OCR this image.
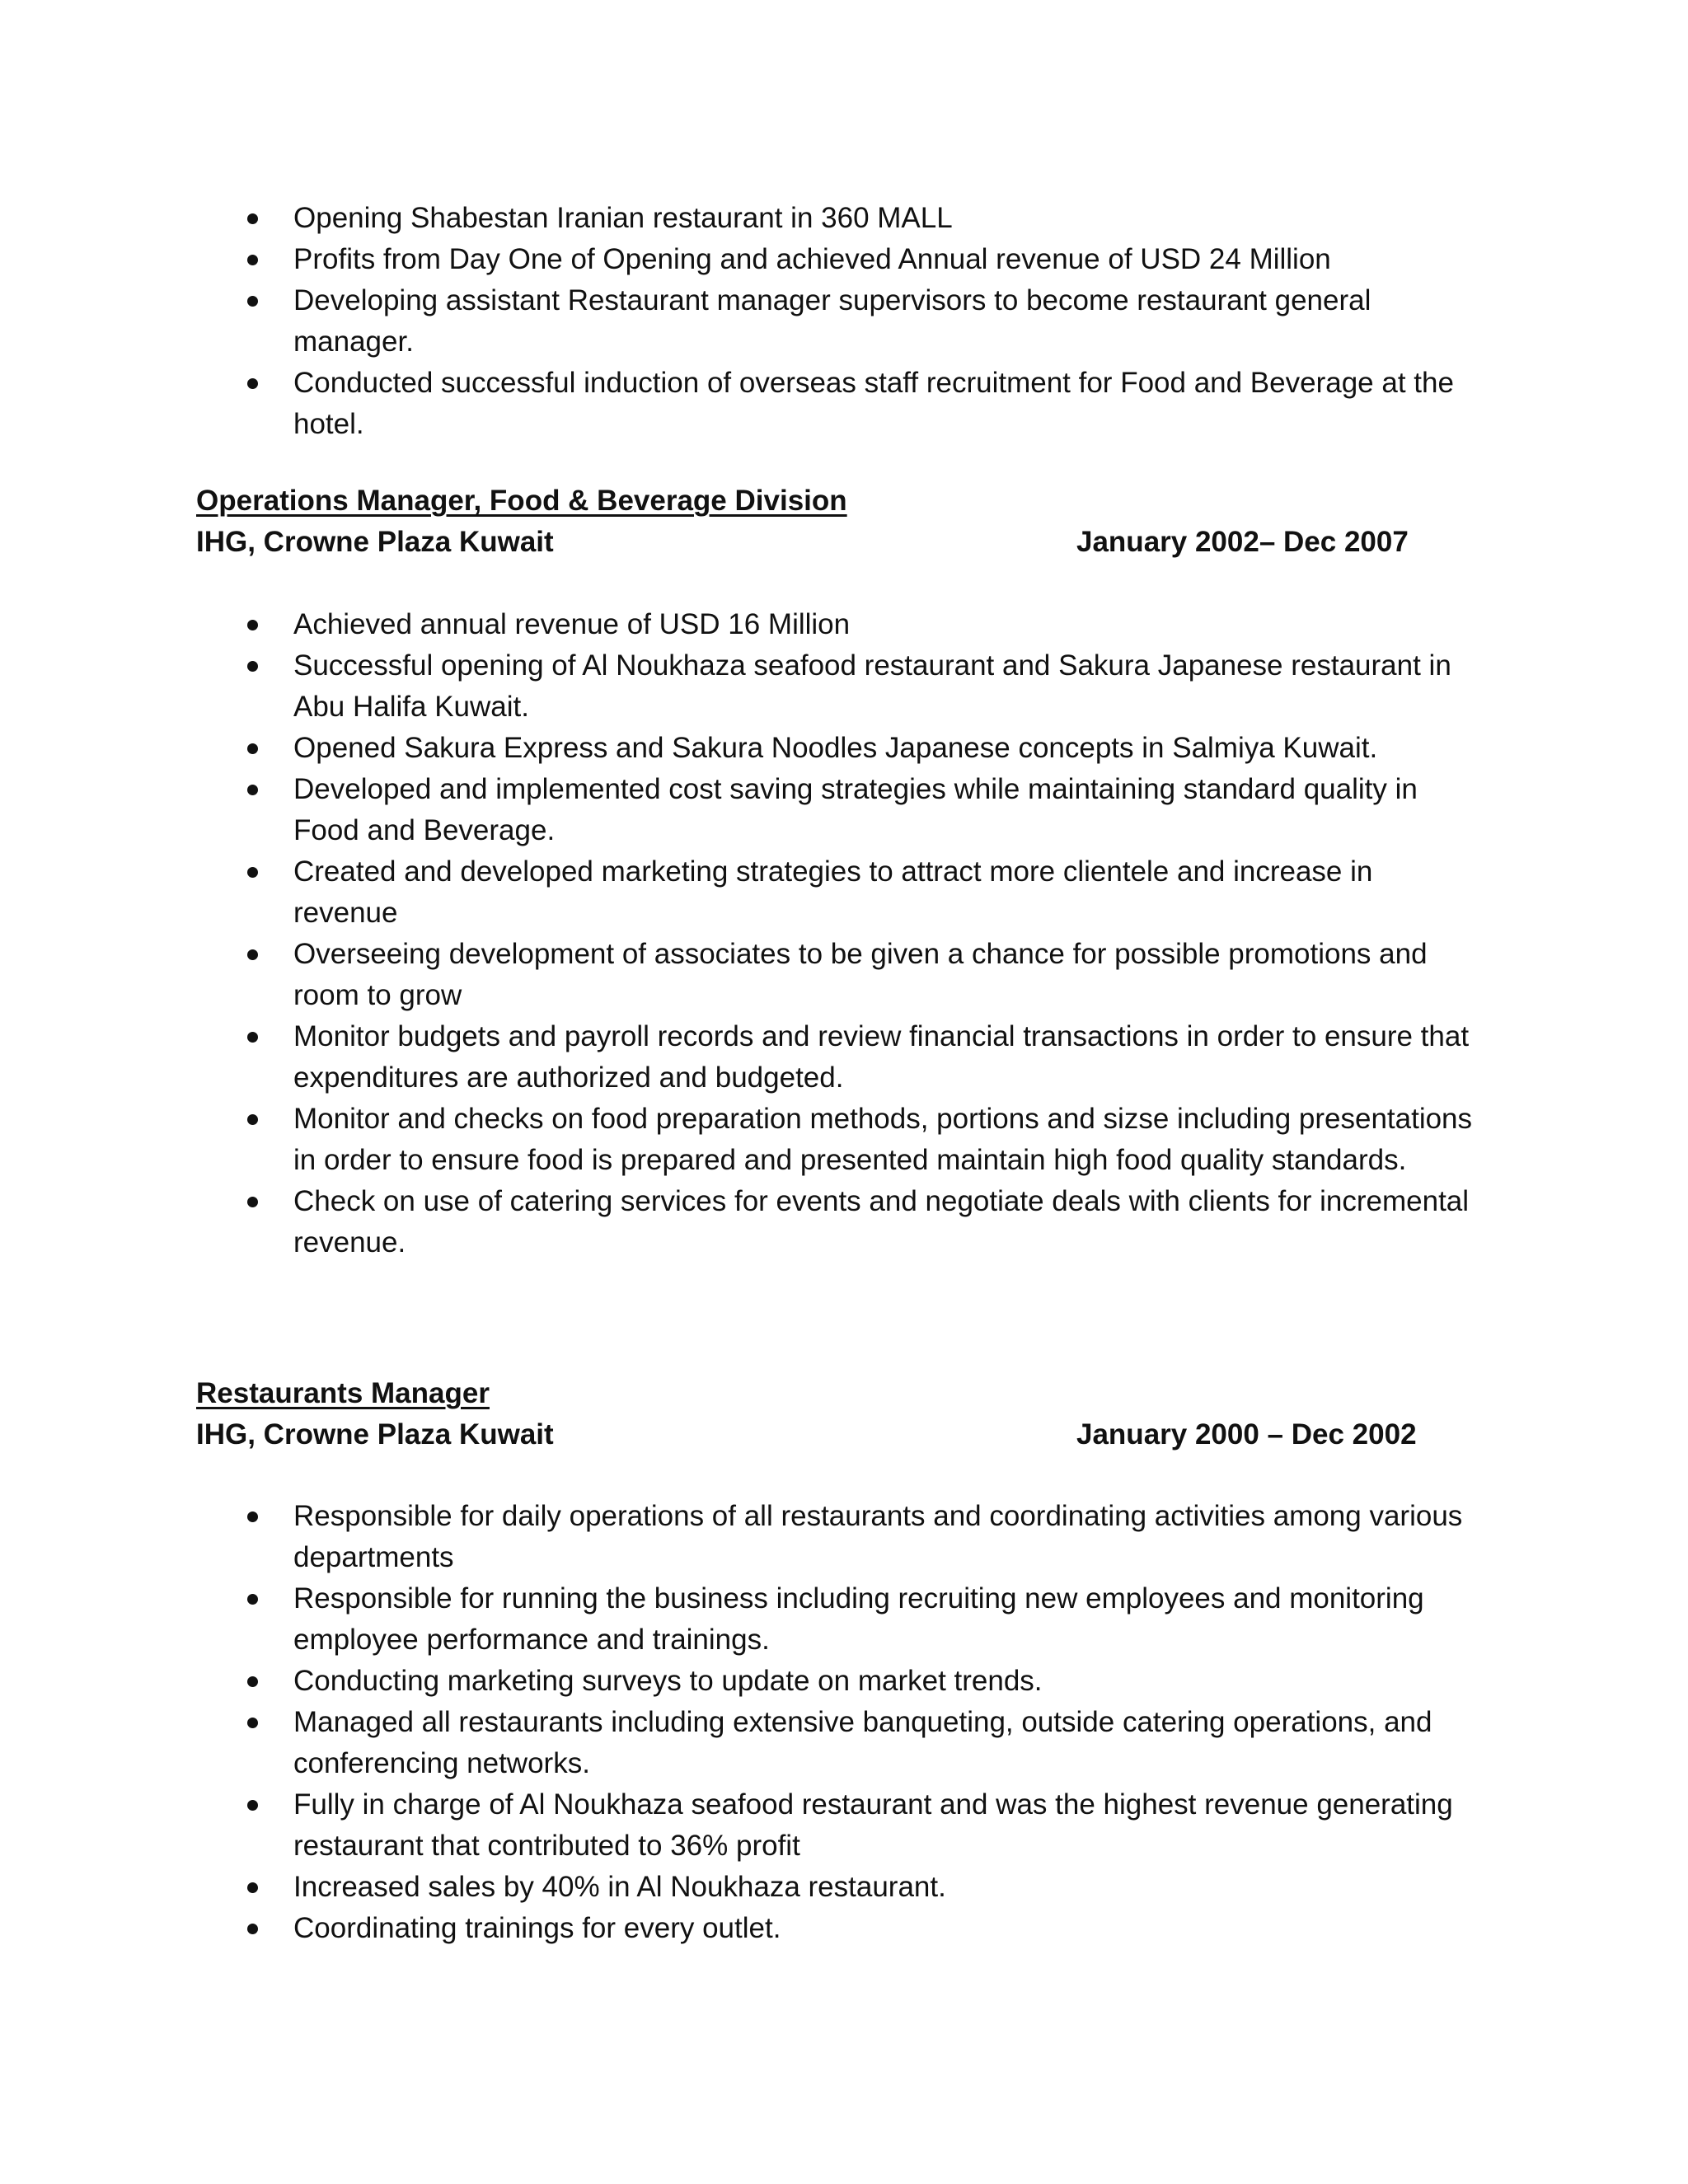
Opening Shabestan Iranian restaurant in 360 MALL
Profits from Day One of Opening and achieved Annual revenue of USD 24 Million
Developing assistant Restaurant manager supervisors to become restaurant general manager.
Conducted successful induction of overseas staff recruitment for Food and Beverage at the hotel.
Operations Manager, Food & Beverage Division
IHG, Crowne Plaza Kuwait	January 2002– Dec 2007
Achieved annual revenue of USD 16 Million
Successful opening of Al Noukhaza seafood restaurant and Sakura Japanese restaurant in Abu Halifa Kuwait.
Opened Sakura Express and Sakura Noodles Japanese concepts in Salmiya Kuwait.
Developed and implemented cost saving strategies while maintaining standard quality in Food and Beverage.
Created and developed marketing strategies to attract more clientele and increase in revenue
Overseeing development of associates to be given a chance for possible promotions and room to grow
Monitor budgets and payroll records and review financial transactions in order to ensure that expenditures are authorized and budgeted.
Monitor and checks on food preparation methods, portions and sizse including presentations in order to ensure food is prepared and presented maintain high food quality standards.
Check on use of catering services for events and negotiate deals with clients for incremental revenue.
Restaurants Manager
IHG, Crowne Plaza Kuwait	January 2000 – Dec 2002
Responsible for daily operations of all restaurants and coordinating activities among various departments
Responsible for running the business including recruiting new employees and monitoring employee performance and trainings.
Conducting marketing surveys to update on market trends.
Managed all restaurants including extensive banqueting, outside catering operations, and conferencing networks.
Fully in charge of Al Noukhaza seafood restaurant and was the highest revenue generating restaurant that contributed to 36% profit
Increased sales by 40% in Al Noukhaza restaurant.
Coordinating trainings for every outlet.
